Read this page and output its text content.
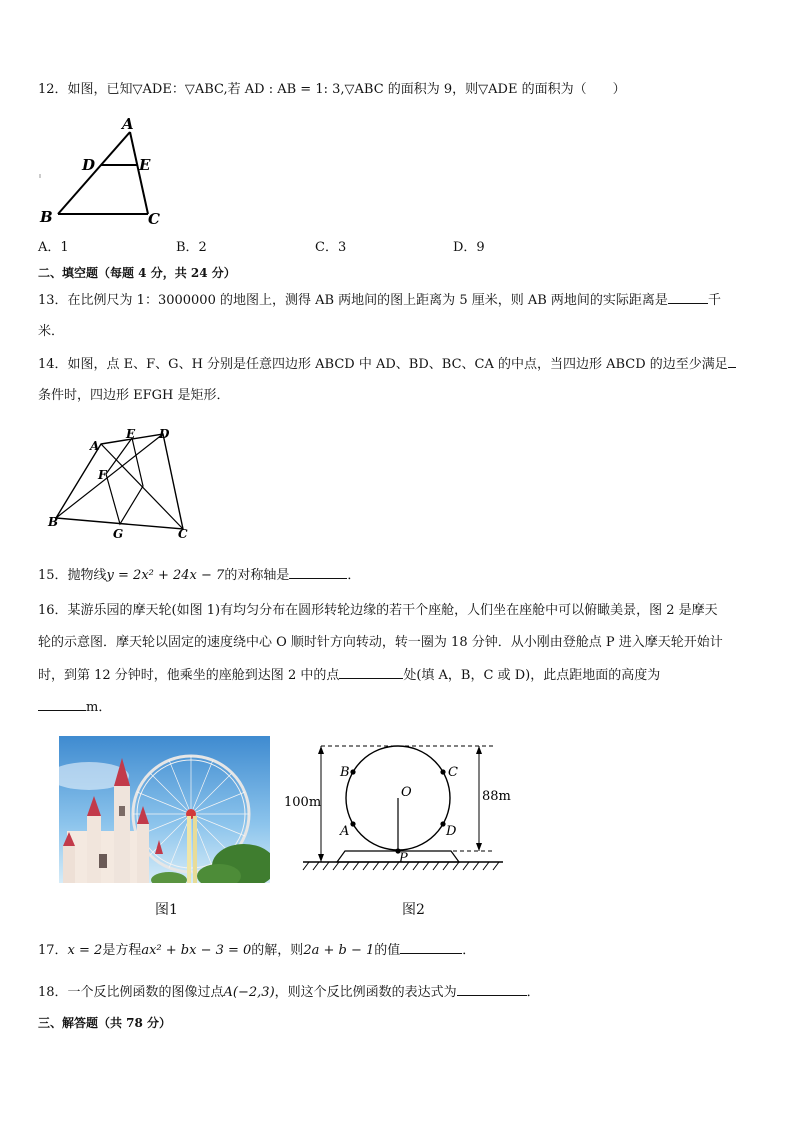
12．如图，已知▽ADE：▽ABC,若 AD : AB = 1: 3,▽ABC 的面积为 9，则▽ADE 的面积为（　　）
A
D	E
B	C
A．1	B．2	C．3	D．9
二、填空题（每题 4 分，共 24 分）
13．在比例尺为 1：3000000 的地图上，测得 AB 两地间的图上距离为 5 厘米，则 AB 两地间的实际距离是	千
米．
14．如图，点 E、F、G、H 分别是任意四边形 ABCD 中 AD、BD、BC、CA 的中点，当四边形 ABCD 的边至少满足
条件时，四边形 EFGH 是矩形．
A
E D
F
B
G	C
15．抛物线y = 2x² + 24x − 7的对称轴是	．
16．某游乐园的摩天轮(如图 1)有均匀分布在圆形转轮边缘的若干个座舱，人们坐在座舱中可以俯瞰美景，图 2 是摩天
轮的示意图．摩天轮以固定的速度绕中心 O 顺时针方向转动，转一圈为 18 分钟．从小刚由登舱点 P 进入摩天轮开始计
时，到第 12 分钟时，他乘坐的座舱到达图 2 中的点	处(填 A，B，C 或 D)，此点距地面的高度为
m．
图1
100m	88m
B	C
O
A	D
P
图2
17．x = 2是方程ax² + bx − 3 = 0的解，则2a + b − 1的值	．
18．一个反比例函数的图像过点A(−2,3)，则这个反比例函数的表达式为	．
三、解答题（共 78 分）
